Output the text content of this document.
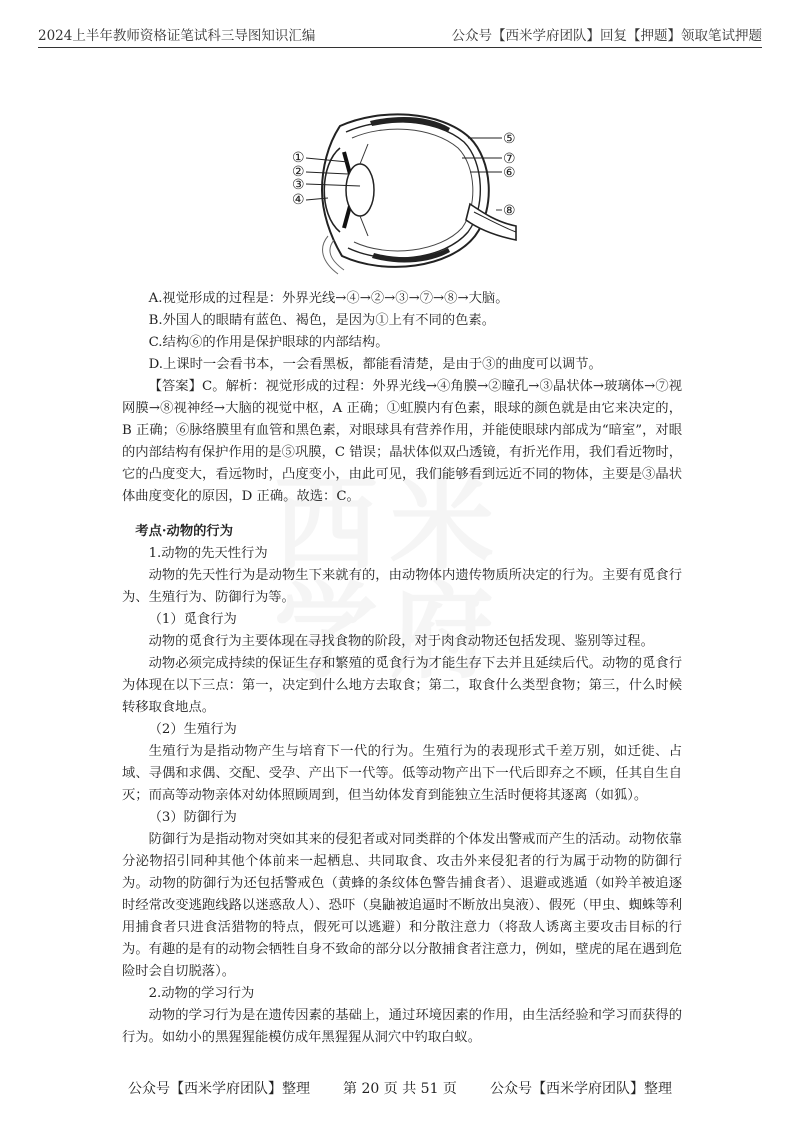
2024上半年教师资格证笔试科三导图知识汇编	公众号【西米学府团队】回复【押题】领取笔试押题
①
②
③
④
⑤
⑦
⑥
⑧

A.视觉形成的过程是：外界光线→④→②→③→⑦→⑧→大脑。

B.外国人的眼睛有蓝色、褐色，是因为①上有不同的色素。

C.结构⑥的作用是保护眼球的内部结构。

D.上课时一会看书本，一会看黑板，都能看清楚，是由于③的曲度可以调节。

【答案】C。解析：视觉形成的过程：外界光线→④角膜→②瞳孔→③晶状体→玻璃体→⑦视网膜→⑧视神经→大脑的视觉中枢，A 正确；①虹膜内有色素，眼球的颜色就是由它来决定的，B 正确；⑥脉络膜里有血管和黑色素，对眼球具有营养作用，并能使眼球内部成为“暗室”，对眼的内部结构有保护作用的是⑤巩膜，C 错误；晶状体似双凸透镜，有折光作用，我们看近物时，它的凸度变大，看远物时，凸度变小，由此可见，我们能够看到远近不同的物体，主要是③晶状体曲度变化的原因，D 正确。故选：C。

考点·动物的行为

1.动物的先天性行为

动物的先天性行为是动物生下来就有的，由动物体内遗传物质所决定的行为。主要有觅食行为、生殖行为、防御行为等。

（1）觅食行为

动物的觅食行为主要体现在寻找食物的阶段，对于肉食动物还包括发现、鉴别等过程。

动物必须完成持续的保证生存和繁殖的觅食行为才能生存下去并且延续后代。动物的觅食行为体现在以下三点：第一，决定到什么地方去取食；第二，取食什么类型食物；第三，什么时候转移取食地点。

（2）生殖行为

生殖行为是指动物产生与培育下一代的行为。生殖行为的表现形式千差万别，如迁徙、占域、寻偶和求偶、交配、受孕、产出下一代等。低等动物产出下一代后即弃之不顾，任其自生自灭；而高等动物亲体对幼体照顾周到，但当幼体发育到能独立生活时便将其逐离（如狐）。

（3）防御行为

防御行为是指动物对突如其来的侵犯者或对同类群的个体发出警戒而产生的活动。动物依靠分泌物招引同种其他个体前来一起栖息、共同取食、攻击外来侵犯者的行为属于动物的防御行为。动物的防御行为还包括警戒色（黄蜂的条纹体色警告捕食者）、退避或逃遁（如羚羊被追逐时经常改变逃跑线路以迷惑敌人）、恐吓（臭鼬被追逼时不断放出臭液）、假死（甲虫、蜘蛛等利用捕食者只进食活猎物的特点，假死可以逃避）和分散注意力（将敌人诱离主要攻击目标的行为。有趣的是有的动物会牺牲自身不致命的部分以分散捕食者注意力，例如，壁虎的尾在遇到危险时会自切脱落）。

2.动物的学习行为

动物的学习行为是在遗传因素的基础上，通过环境因素的作用，由生活经验和学习而获得的行为。如幼小的黑猩猩能模仿成年黑猩猩从洞穴中钓取白蚁。

公众号【西米学府团队】整理 第 20 页 共 51 页 公众号【西米学府团队】整理
